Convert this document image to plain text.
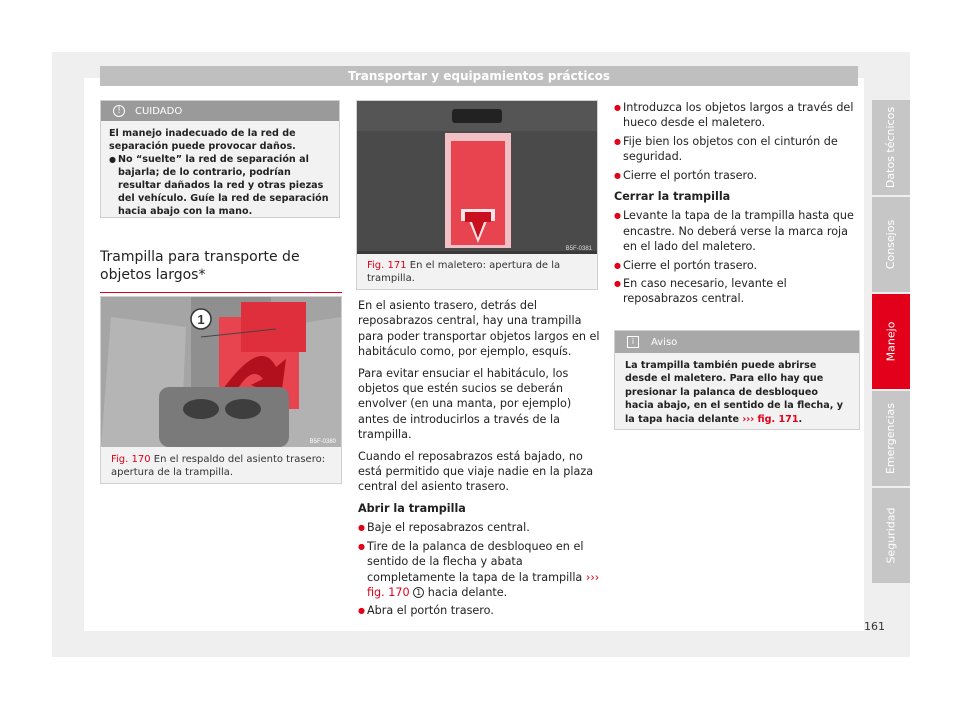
Transportar y equipamientos prácticos
Datos técnicos
Consejos
Manejo
Emergencias
Seguridad
!	CUIDADO
El manejo inadecuado de la red de separación puede provocar daños.
● No “suelte” la red de separación al bajarla; de lo contrario, podrían resultar dañados la red y otras piezas del vehículo. Guíe la red de separación hacia abajo con la mano.
Trampilla para transporte de objetos largos*
1
B5F-0380
Fig. 170 En el respaldo del asiento trasero: apertura de la trampilla.
B5F-0381
Fig. 171 En el maletero: apertura de la trampilla.

En el asiento trasero, detrás del reposabrazos central, hay una trampilla para poder transportar objetos largos en el habitáculo como, por ejemplo, esquís.

Para evitar ensuciar el habitáculo, los objetos que estén sucios se deberán envolver (en una manta, por ejemplo) antes de introducirlos a través de la trampilla.

Cuando el reposabrazos está bajado, no está permitido que viaje nadie en la plaza central del asiento trasero.

Abrir la trampilla
● Baje el reposabrazos central.
● Tire de la palanca de desbloqueo en el sentido de la flecha y abata completamente la tapa de la trampilla ››› fig. 170 1 hacia delante.
● Abra el portón trasero.
● Introduzca los objetos largos a través del hueco desde el maletero.
● Fije bien los objetos con el cinturón de seguridad.
● Cierre el portón trasero.
Cerrar la trampilla
● Levante la tapa de la trampilla hasta que encastre. No deberá verse la marca roja en el lado del maletero.
● Cierre el portón trasero.
● En caso necesario, levante el reposabrazos central.
i	Aviso
La trampilla también puede abrirse desde el maletero. Para ello hay que presionar la palanca de desbloqueo hacia abajo, en el sentido de la flecha, y la tapa hacia delante ››› fig. 171.
161
